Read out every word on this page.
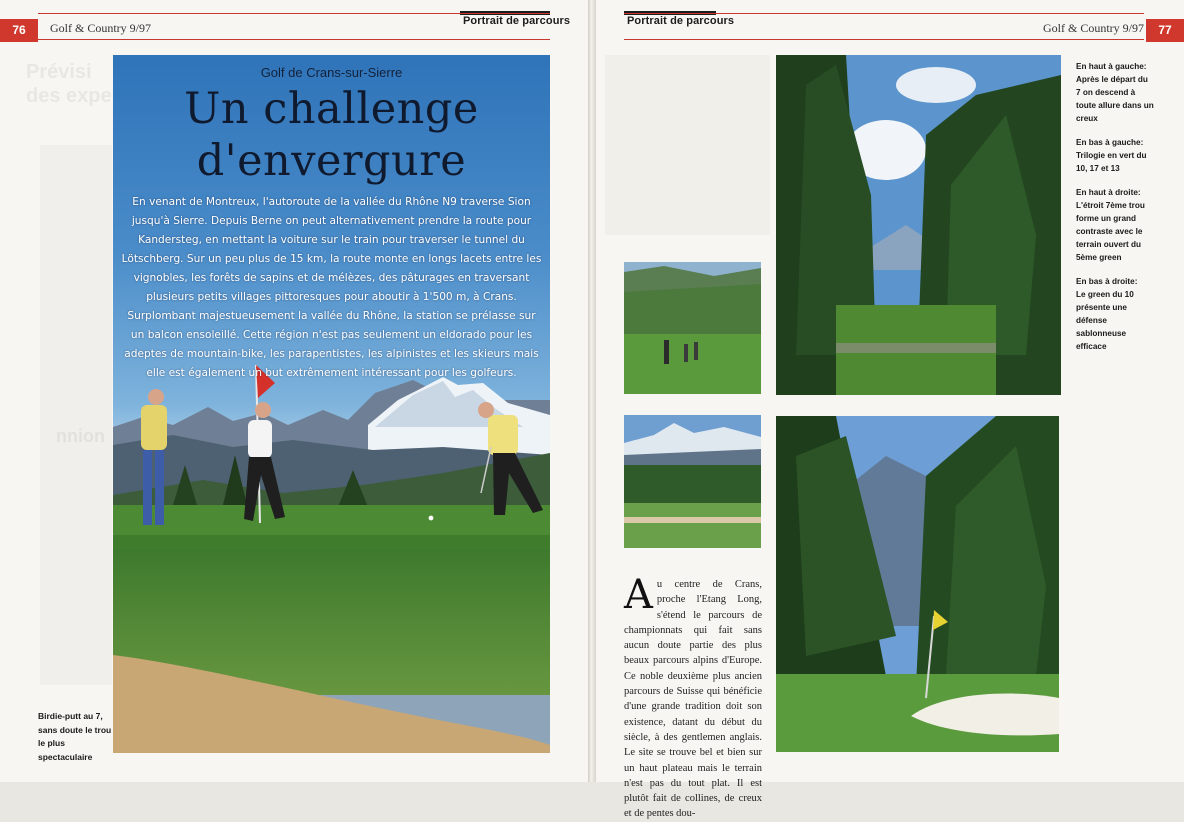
76	Golf & Country 9/97	Portrait de parcours
Prévisi
des expe
nnion
Golf de Crans-sur-Sierre
Un challenge
d'envergure
En venant de Montreux, l'autoroute de la vallée du Rhône N9 traverse Sion jusqu'à Sierre. Depuis Berne on peut alternativement prendre la route pour Kandersteg, en mettant la voiture sur le train pour traverser le tunnel du Lötschberg. Sur un peu plus de 15 km, la route monte en longs lacets entre les vignobles, les forêts de sapins et de mélèzes, des pâturages en traversant plusieurs petits villages pittoresques pour aboutir à 1'500 m, à Crans. Surplombant majestueusement la vallée du Rhône, la station se prélasse sur un balcon ensoleillé. Cette région n'est pas seulement un eldorado pour les adeptes de mountain-bike, les parapentistes, les alpinistes et les skieurs mais elle est également un but extrêmement intéressant pour les golfeurs.
Birdie-putt au 7, sans doute le trou le plus spectaculaire
Portrait de parcours	Golf & Country 9/97	77
En haut à gauche:
Après le départ du 7 on descend à toute allure dans un creux
En bas à gauche:
Trilogie en vert du 10, 17 et 13
En haut à droite:
L'étroit 7ème trou forme un grand contraste avec le terrain ouvert du 5ème green
En bas à droite:
Le green du 10 présente une défense sablonneuse efficace
Au centre de Crans, proche l'Etang Long, s'étend le parcours de championnats qui fait sans aucun doute partie des plus beaux parcours alpins d'Europe. Ce noble deuxième plus ancien parcours de Suisse qui bénéficie d'une grande tradition doit son existence, datant du début du siècle, à des gentlemen anglais. Le site se trouve bel et bien sur un haut plateau mais le terrain n'est pas du tout plat. Il est plutôt fait de collines, de creux et de pentes dou-
